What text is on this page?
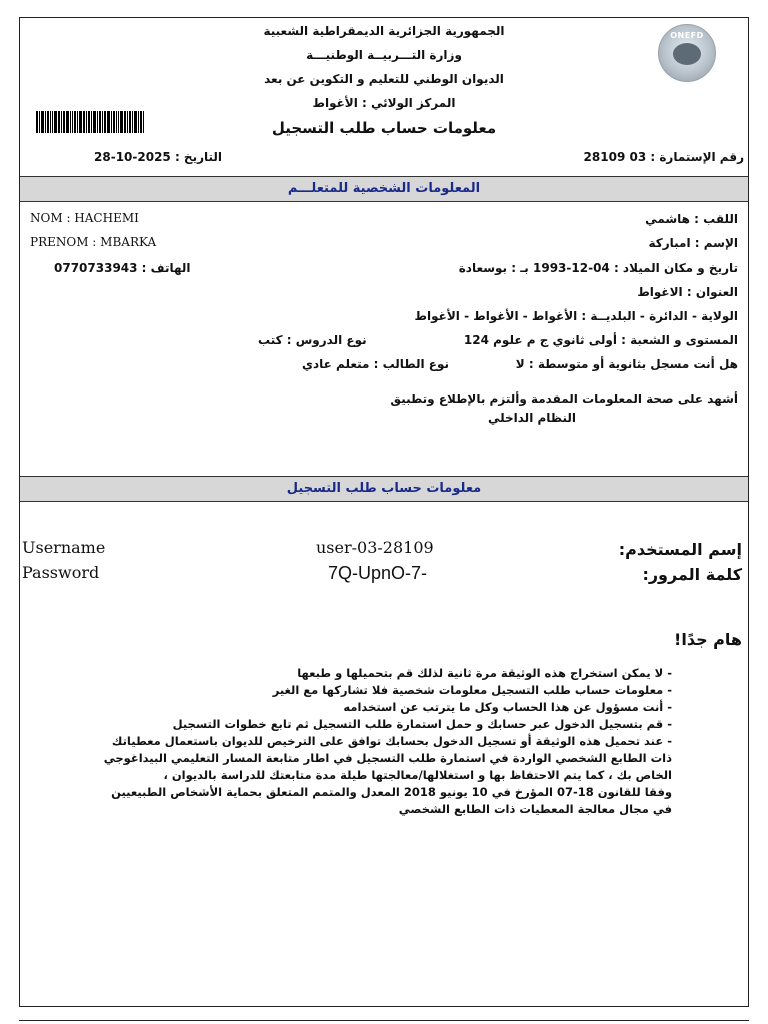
ONEFD
الجمهورية الجزائرية الديمقراطية الشعبية
وزارة التـــربيــة الوطنيـــة
الديوان الوطني للتعليم و التكوين عن بعد
المركز الولائي : الأغواط
معلومات حساب طلب التسجيل
رقم الإستمارة : 03 28109
التاريخ : 2025-10-28
المعلومات الشخصية للمتعلـــم
NOM : HACHEMI
PRENOM : MBARKA
اللقب : هاشمي
الإسم : امباركة
تاريخ و مكان الميلاد : 04-12-1993 بـ : بوسعادة
الهاتف : 0770733943
العنوان : الاغواط
الولاية - الدائرة - البلديــة : الأغواط - الأغواط - الأغواط
المستوى و الشعبة : أولى ثانوي ج م علوم 124
نوع الدروس : كتب
هل أنت مسجل بثانوية أو متوسطة : لا
نوع الطالب : متعلم عادي
أشهد على صحة المعلومات المقدمة وألتزم بالإطلاع وتطبيق
النظام الداخلي
معلومات حساب طلب التسجيل
Username
Password
user-03-28109
7Q-UpnO-7-
إسم المستخدم:
كلمة المرور:
هام جدًا!
- لا يمكن استخراج هذه الوثيقة مرة ثانية لذلك قم بتحميلها و طبعها
- معلومات حساب طلب التسجيل معلومات شخصية فلا تشاركها مع الغير
- أنت مسؤول عن هذا الحساب وكل ما يترتب عن استخدامه
- قم بتسجيل الدخول عبر حسابك و حمل استمارة طلب التسجيل ثم تابع خطوات التسجيل
- عند تحميل هذه الوثيقة أو تسجيل الدخول بحسابك توافق على الترخيص للديوان باستعمال معطياتك
ذات الطابع الشخصي الواردة في استمارة طلب التسجيل في اطار متابعة المسار التعليمي البيداغوجي
الخاص بك ، كما يتم الاحتفاظ بها و استغلالها/معالجتها طيلة مدة متابعتك للدراسة بالديوان ،
وفقا للقانون 18-07 المؤرخ في 10 يونيو 2018 المعدل والمتمم المتعلق بحماية الأشخاص الطبيعيين
في مجال معالجة المعطيات ذات الطابع الشخصي
